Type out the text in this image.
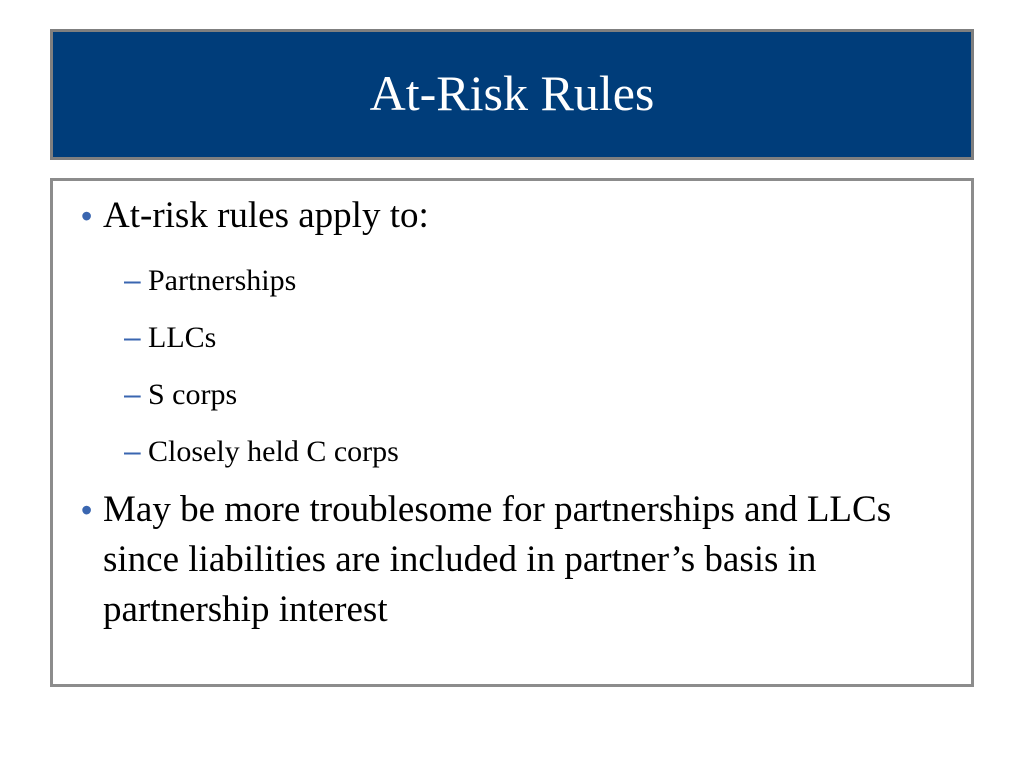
At-Risk Rules
• At-risk rules apply to:
– Partnerships
– LLCs
– S corps
– Closely held C corps
• May be more troublesome for partnerships and LLCs since liabilities are included in partner’s basis in partnership interest
